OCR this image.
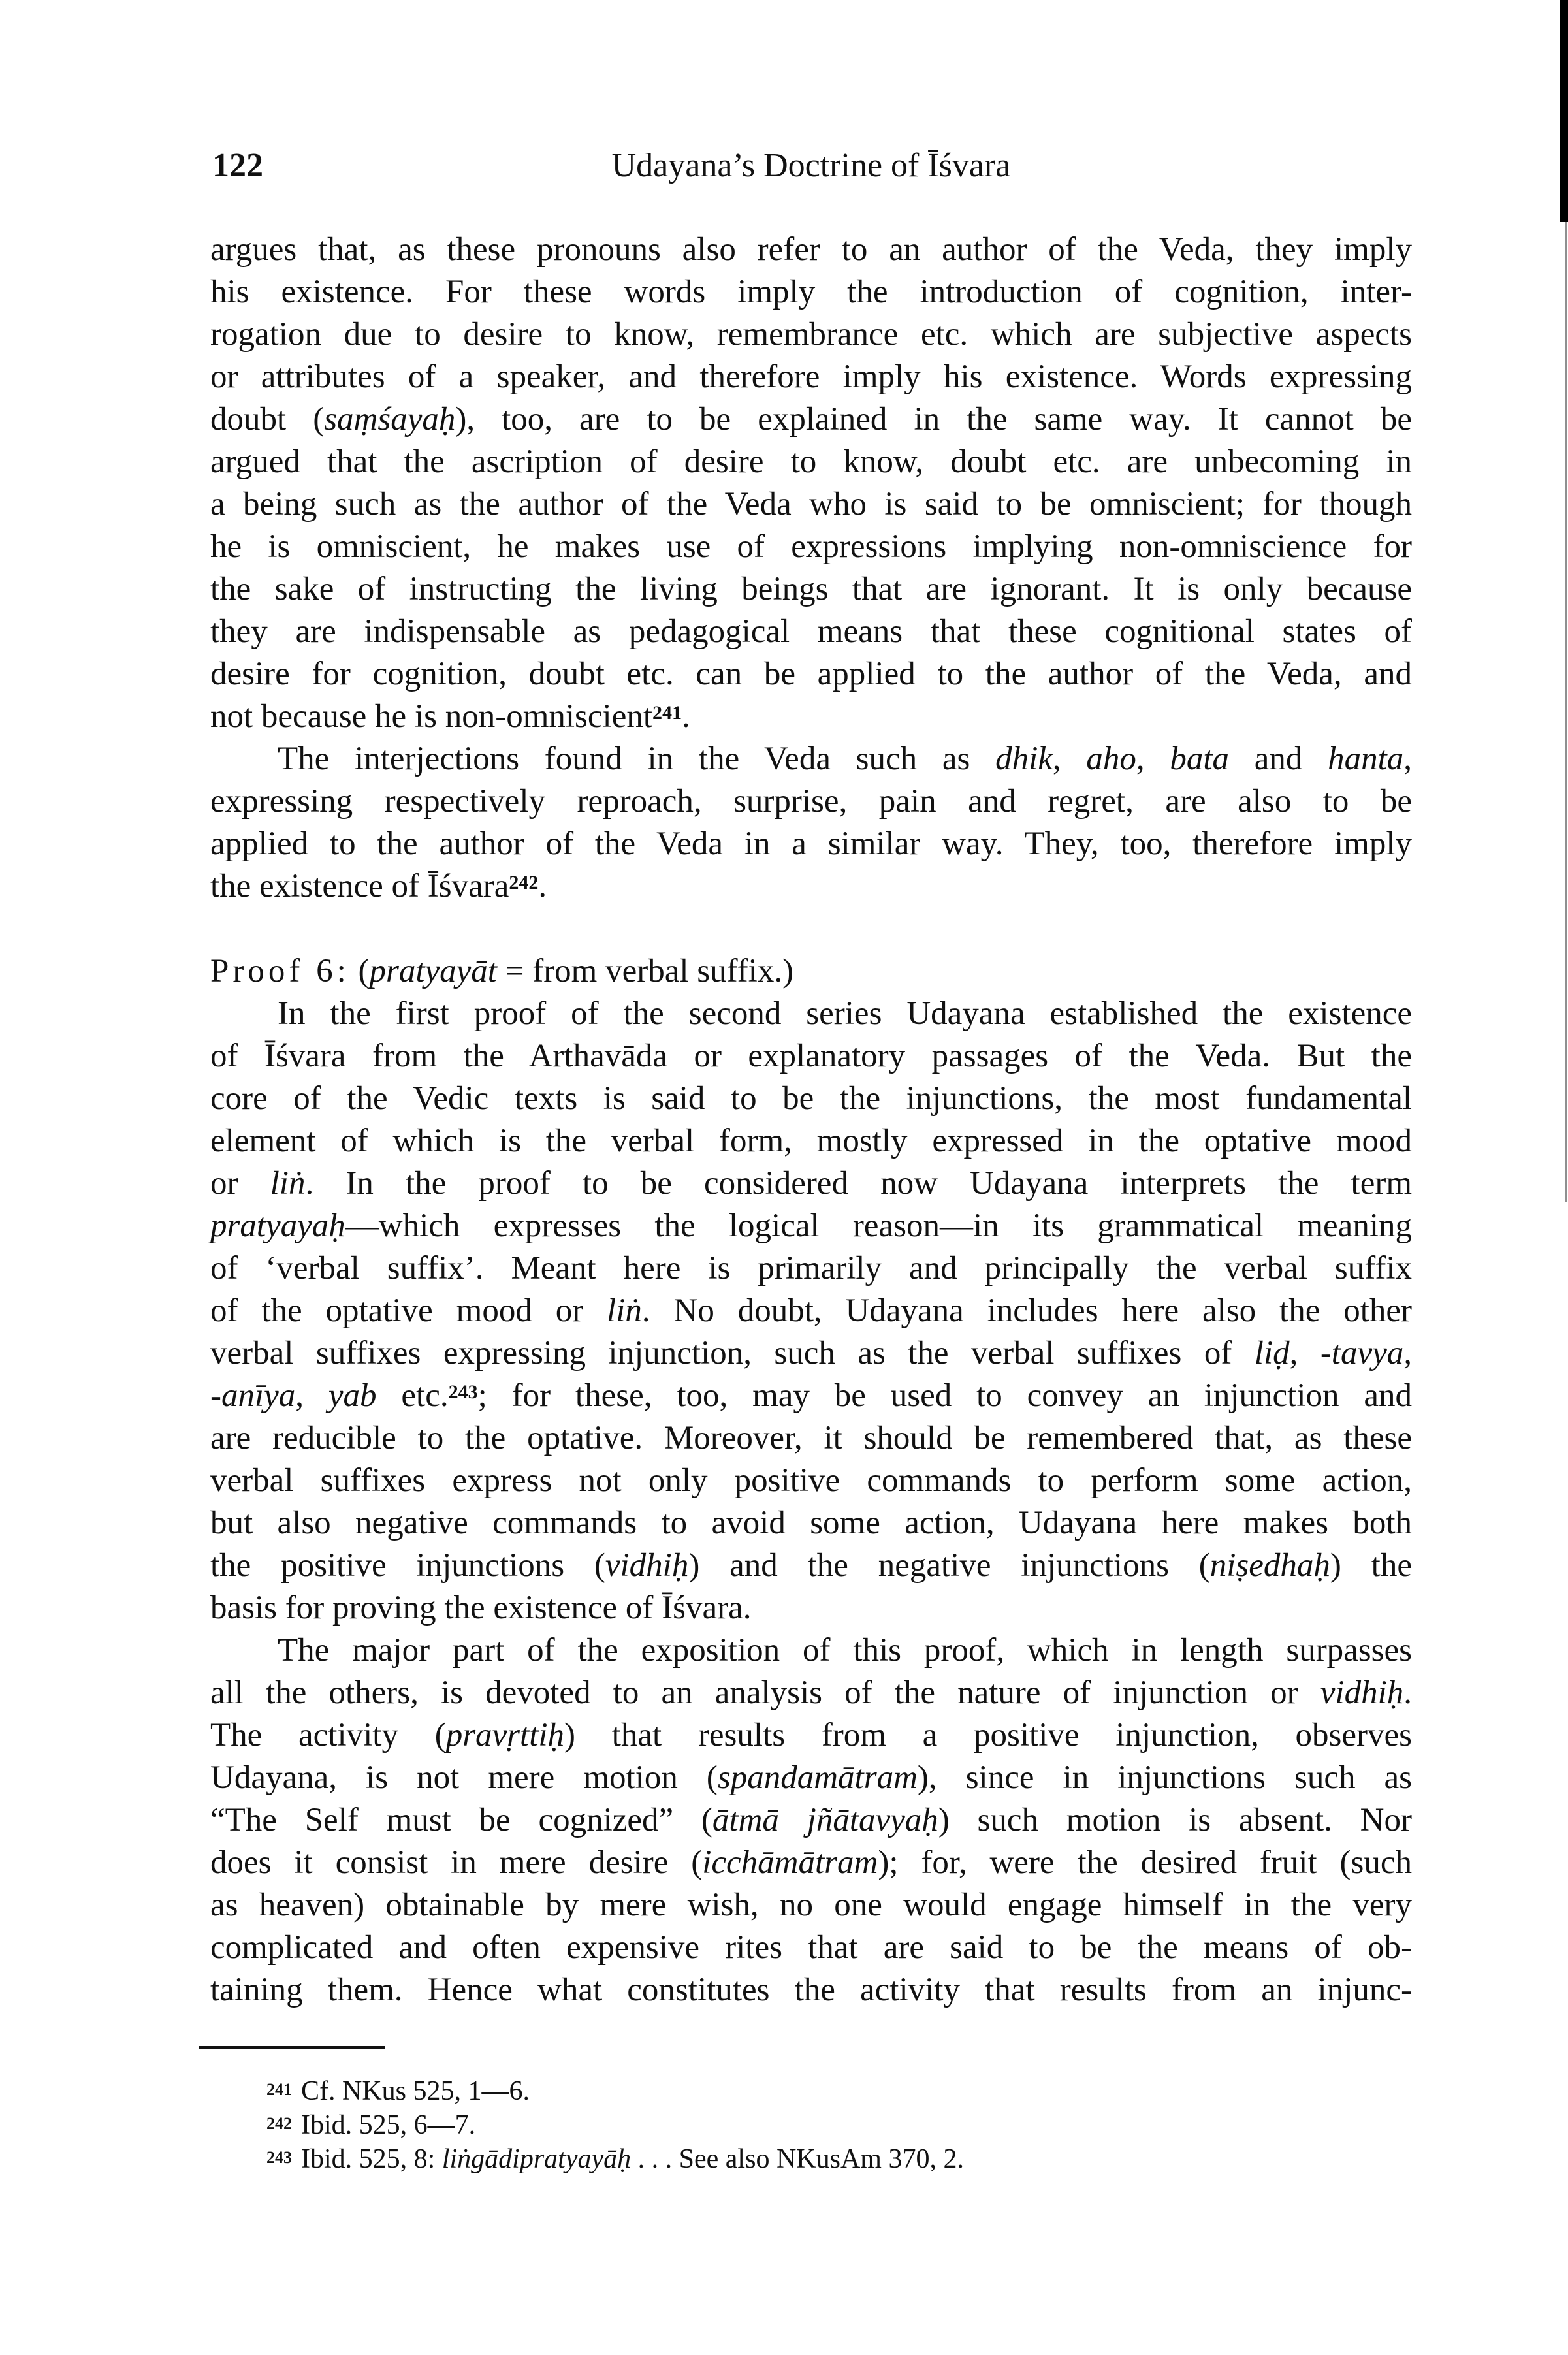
122	Udayana’s Doctrine of Īśvara
argues that, as these pronouns also refer to an author of the Veda, they imply
his existence. For these words imply the introduction of cognition, inter-
rogation due to desire to know, remembrance etc. which are subjective aspects
or attributes of a speaker, and therefore imply his existence. Words expressing
doubt (saṃśayaḥ), too, are to be explained in the same way. It cannot be
argued that the ascription of desire to know, doubt etc. are unbecoming in
a being such as the author of the Veda who is said to be omniscient; for though
he is omniscient, he makes use of expressions implying non-omniscience for
the sake of instructing the living beings that are ignorant. It is only because
they are indispensable as pedagogical means that these cognitional states of
desire for cognition, doubt etc. can be applied to the author of the Veda, and
not because he is non-omniscient$^{241}$.
The interjections found in the Veda such as dhik, aho, bata and hanta,
expressing respectively reproach, surprise, pain and regret, are also to be
applied to the author of the Veda in a similar way. They, too, therefore imply
the existence of Īśvara$^{242}$.
Proof 6: (pratyayāt = from verbal suffix.)
In the first proof of the second series Udayana established the existence
of Īśvara from the Arthavāda or explanatory passages of the Veda. But the
core of the Vedic texts is said to be the injunctions, the most fundamental
element of which is the verbal form, mostly expressed in the optative mood
or liṅ. In the proof to be considered now Udayana interprets the term
pratyayaḥ—which expresses the logical reason—in its grammatical meaning
of ‘verbal suffix’. Meant here is primarily and principally the verbal suffix
of the optative mood or liṅ. No doubt, Udayana includes here also the other
verbal suffixes expressing injunction, such as the verbal suffixes of liḍ, -tavya,
-anīya, yab etc.$^{243}$; for these, too, may be used to convey an injunction and
are reducible to the optative. Moreover, it should be remembered that, as these
verbal suffixes express not only positive commands to perform some action,
but also negative commands to avoid some action, Udayana here makes both
the positive injunctions (vidhiḥ) and the negative injunctions (niṣedhaḥ) the
basis for proving the existence of Īśvara.
The major part of the exposition of this proof, which in length surpasses
all the others, is devoted to an analysis of the nature of injunction or vidhiḥ.
The activity (pravṛttiḥ) that results from a positive injunction, observes
Udayana, is not mere motion (spandamātram), since in injunctions such as
“The Self must be cognized” (ātmā jñātavyaḥ) such motion is absent. Nor
does it consist in mere desire (icchāmātram); for, were the desired fruit (such
as heaven) obtainable by mere wish, no one would engage himself in the very
complicated and often expensive rites that are said to be the means of ob-
taining them. Hence what constitutes the activity that results from an injunc-
$^{241}$ Cf. NKus 525, 1—6.
$^{242}$ Ibid. 525, 6—7.
$^{243}$ Ibid. 525, 8: liṅgādipratyayāḥ . . . See also NKusAm 370, 2.
